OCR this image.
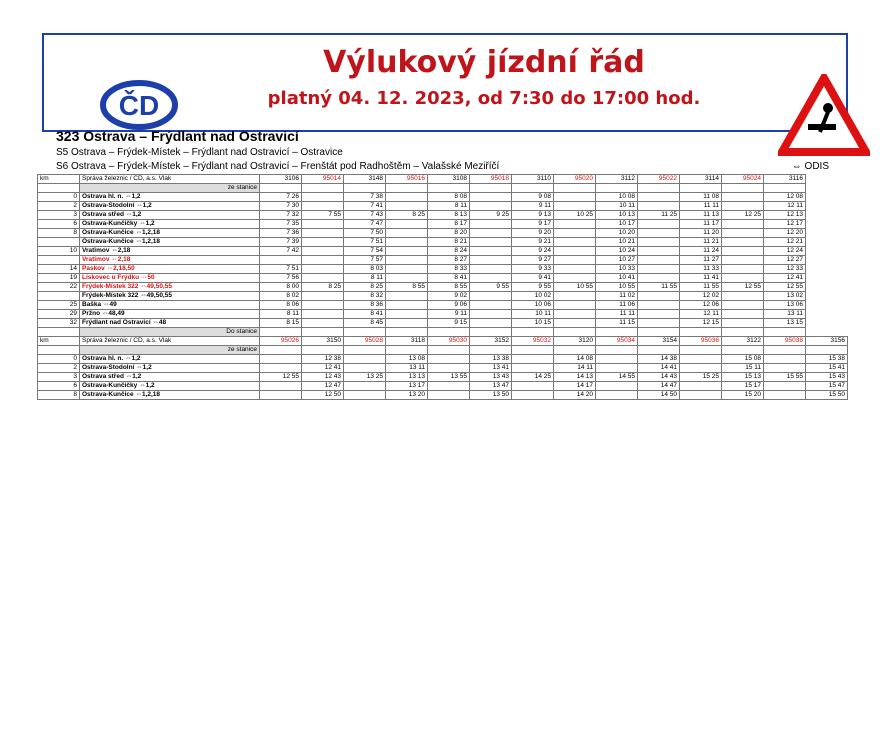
ČD
Výlukový jízdní řád
platný 04. 12. 2023, od 7:30 do 17:00 hod.
323 Ostrava – Frýdlant nad Ostravicí
S5 Ostrava – Frýdek-Místek – Frýdlant nad Ostravicí – Ostravice
S6 Ostrava – Frýdek-Místek – Frýdlant nad Ostravicí – Frenštát pod Radhoštěm – Valašské Meziříčí	⇔ ODIS
km	Správa železnic / ČD, a.s. Vlak	3106	95014	3148	95016	3108	95018	3110	95020	3112	95022	3114	95024	3116	
	ze stanice														
0	Ostrava hl. n. ⇔1,2	7 26		7 38		8 08		9 08		10 08		11 08		12 08	
2	Ostrava-Stodolní ⇔1,2	7 30		7 41		8 11		9 11		10 11		11 11		12 11	
3	Ostrava střed ⇔1,2	7 32	7 55	7 43	8 25	8 13	9 25	9 13	10 25	10 13	11 25	11 13	12 25	12 13	
6	Ostrava-Kunčičky ⇔1,2	7 35		7 47		8 17		9 17		10 17		11 17		12 17	
8	Ostrava-Kunčice ⇔1,2,18	7 36		7 50		8 20		9 20		10 20		11 20		12 20	
	Ostrava-Kunčice ⇔1,2,18	7 39		7 51		8 21		9 21		10 21		11 21		12 21	
10	Vratimov ⇔2,18	7 42		7 54		8 24		9 24		10 24		11 24		12 24	
	Vratimov ⇔2,18			7 57		8 27		9 27		10 27		11 27		12 27	
14	Paskov ⇔2,18,50	7 51		8 03		8 33		9 33		10 33		11 33		12 33	
19	Lískovec u Frýdku ⇔50	7 56		8 11		8 41		9 41		10 41		11 41		12 41	
22	Frýdek-Místek 322 ⇔49,50,55	8 00	8 25	8 25	8 55	8 55	9 55	9 55	10 55	10 55	11 55	11 55	12 55	12 55	
	Frýdek-Místek 322 ⇔49,50,55	8 02		8 32		9 02		10 02		11 02		12 02		13 02	
25	Baška ⇔49	8 06		8 36		9 06		10 06		11 06		12 06		13 06	
29	Pržno ⇔48,49	8 11		8 41		9 11		10 11		11 11		12 11		13 11	
32	Frýdlant nad Ostravicí ⇔48	8 15		8 45		9 15		10 15		11 15		12 15		13 15	
	Do stanice														
km	Správa železnic / ČD, a.s. Vlak	95026	3150	95028	3118	95030	3152	95032	3120	95034	3154	95036	3122	95038	3156
	ze stanice														
0	Ostrava hl. n. ⇔1,2		12 38		13 08		13 38		14 08		14 38		15 08		15 38
2	Ostrava-Stodolní ⇔1,2		12 41		13 11		13 41		14 11		14 41		15 11		15 41
3	Ostrava střed ⇔1,2	12 55	12 43	13 25	13 13	13 55	13 43	14 25	14 13	14 55	14 43	15 25	15 13	15 55	15 43
6	Ostrava-Kunčičky ⇔1,2		12 47		13 17		13 47		14 17		14 47		15 17		15 47
8	Ostrava-Kunčice ⇔1,2,18		12 50		13 20		13 50		14 20		14 50		15 20		15 50
